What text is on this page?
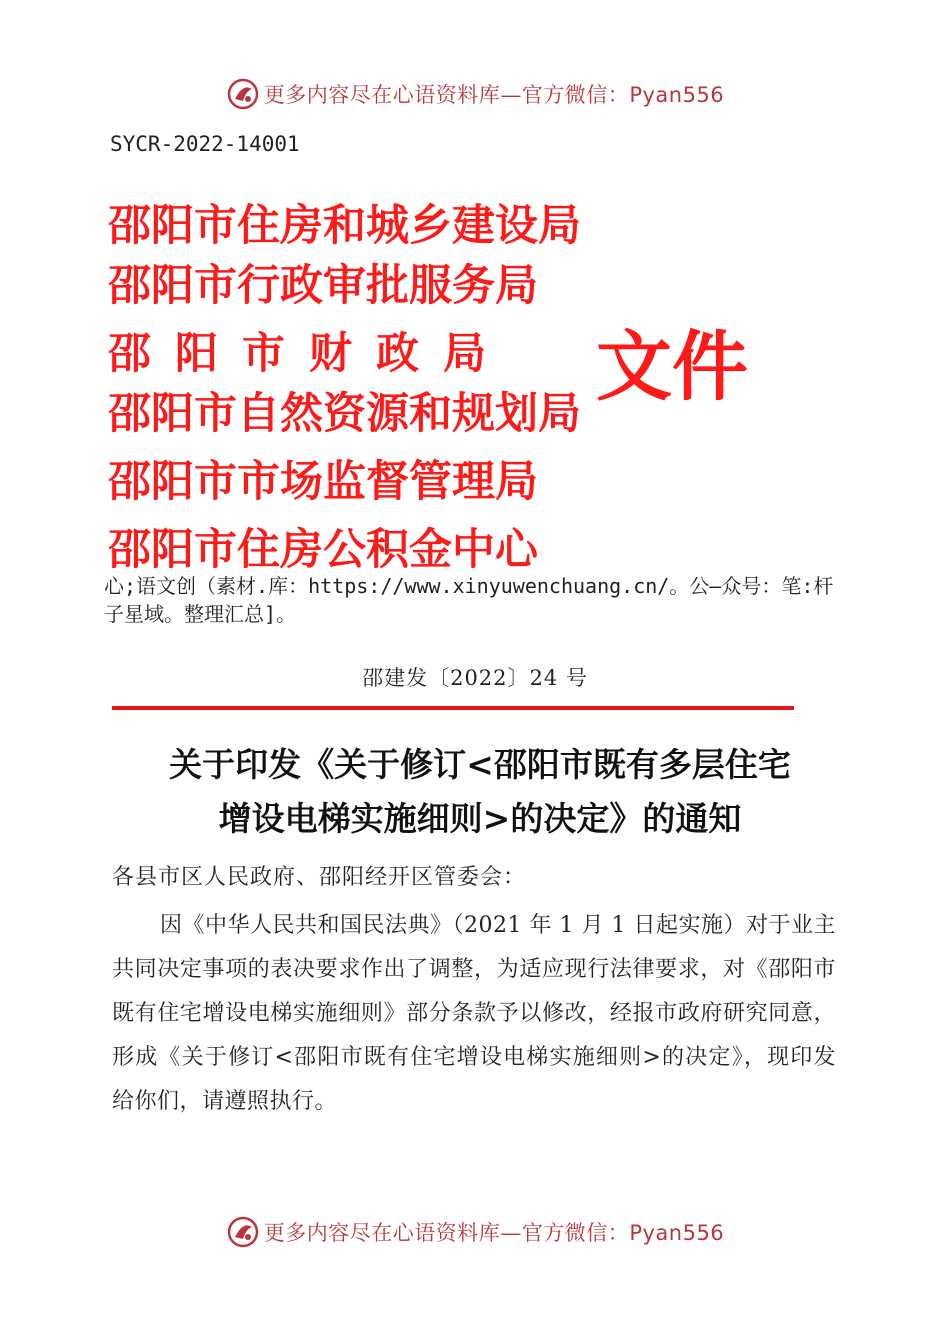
更多内容尽在心语资料库—官方微信：Pyan556
SYCR-2022-14001
邵阳市住房和城乡建设局
邵阳市行政审批服务局
邵阳市财政局
邵阳市自然资源和规划局
邵阳市市场监督管理局
邵阳市住房公积金中心
文件
心;语文创（素材.库：https://www.xinyuwenchuang.cn/。公—众号：笔:杆子星域。整理汇总]。
邵建发〔2022〕24 号
关于印发《关于修订<邵阳市既有多层住宅
增设电梯实施细则>的决定》的通知
各县市区人民政府、邵阳经开区管委会：
因《中华人民共和国民法典》（2021 年 1 月 1 日起实施）对于业主共同决定事项的表决要求作出了调整，为适应现行法律要求，对《邵阳市既有住宅增设电梯实施细则》部分条款予以修改，经报市政府研究同意，形成《关于修订<邵阳市既有住宅增设电梯实施细则>的决定》，现印发给你们，请遵照执行。
更多内容尽在心语资料库—官方微信：Pyan556
